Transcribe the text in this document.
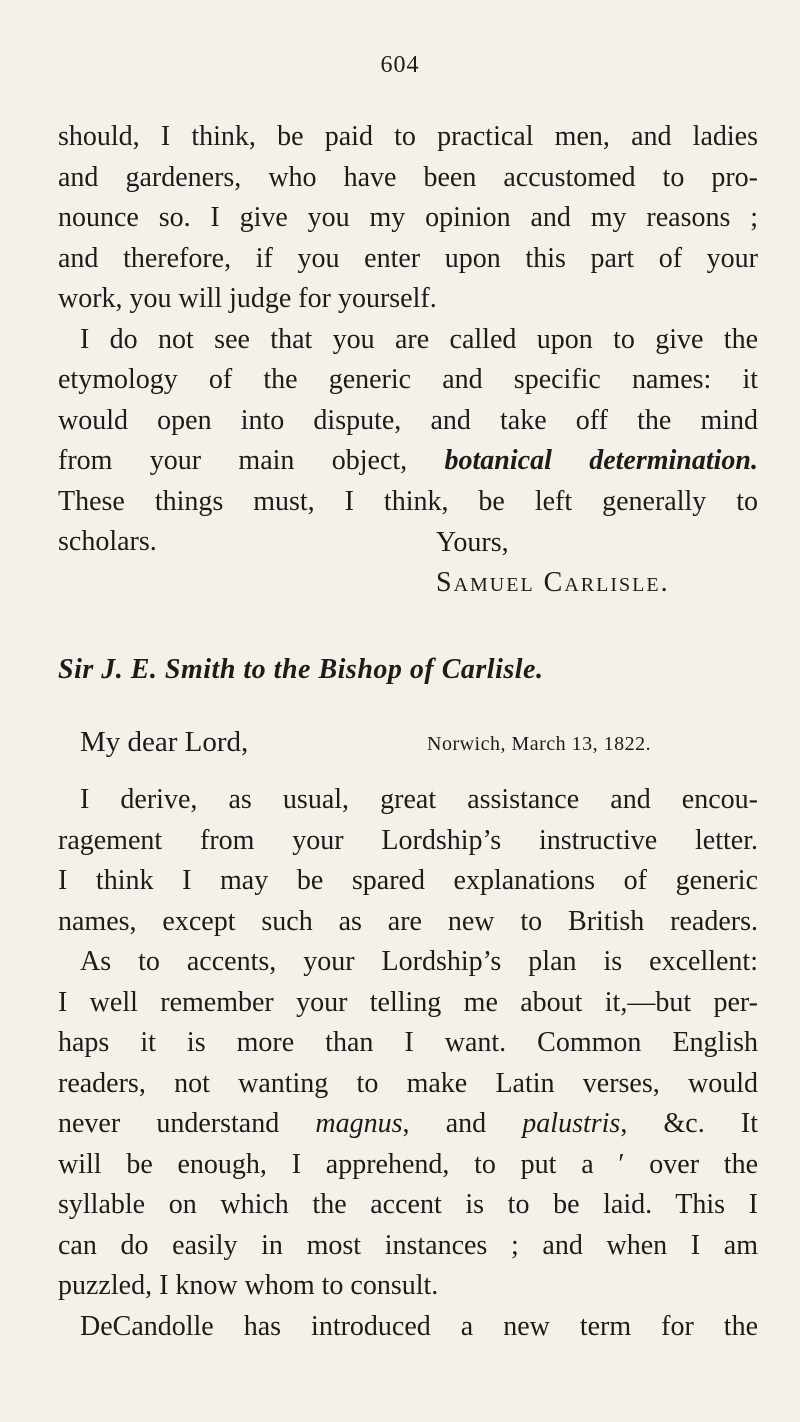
604
should, I think, be paid to practical men, and ladies
and gardeners, who have been accustomed to pro-
nounce so. I give you my opinion and my reasons ;
and therefore, if you enter upon this part of your
work, you will judge for yourself.
I do not see that you are called upon to give the
etymology of the generic and specific names: it
would open into dispute, and take off the mind
from your main object, botanical determination.
These things must, I think, be left generally to
scholars.	Yours,
Samuel Carlisle.
Sir J. E. Smith to the Bishop of Carlisle.
My dear Lord,	Norwich, March 13, 1822.
I derive, as usual, great assistance and encou-
ragement from your Lordship’s instructive letter.
I think I may be spared explanations of generic
names, except such as are new to British readers.
As to accents, your Lordship’s plan is excellent:
I well remember your telling me about it,—but per-
haps it is more than I want. Common English
readers, not wanting to make Latin verses, would
never understand magnus, and palustris, &c. It
will be enough, I apprehend, to put a ′ over the
syllable on which the accent is to be laid. This I
can do easily in most instances ; and when I am
puzzled, I know whom to consult.
DeCandolle has introduced a new term for the
